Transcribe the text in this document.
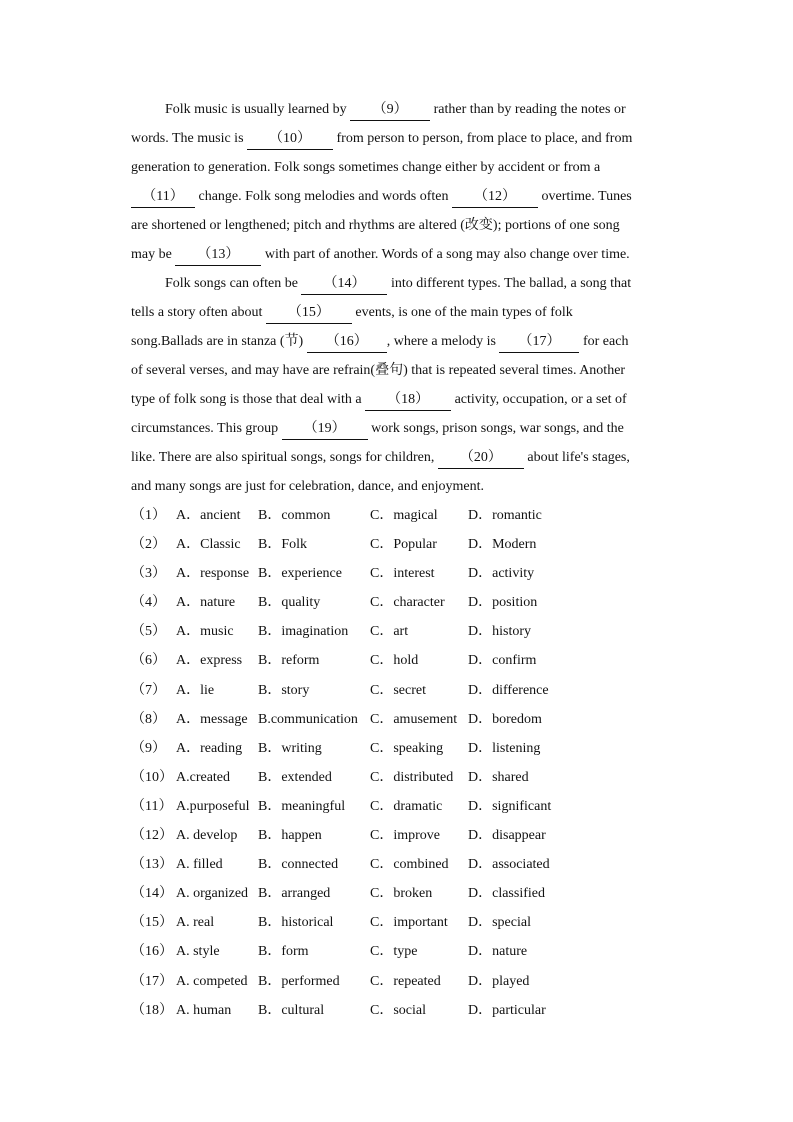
Folk music is usually learned by （9） rather than by reading the notes or
words. The music is （10） from person to person, from place to place, and from
generation to generation. Folk songs sometimes change either by accident or from a
（11） change. Folk song melodies and words often （12） overtime. Tunes
are shortened or lengthened; pitch and rhythms are altered (改变); portions of one song
may be （13） with part of another. Words of a song may also change over time.
Folk songs can often be （14） into different types. The ballad, a song that
tells a story often about （15） events, is one of the main types of folk
song.Ballads are in stanza (节) （16） , where a melody is （17） for each
of several verses, and may have are refrain(叠句) that is repeated several times. Another
type of folk song is those that deal with a （18） activity, occupation, or a set of
circumstances. This group （19） work songs, prison songs, war songs, and the
like. There are also spiritual songs, songs for children, （20） about life's stages,
and many songs are just for celebration, dance, and enjoyment.
（1） A．ancient B．common	C．magical D．romantic
（2） A．Classic B．Folk	C．Popular D．Modern
（3） A．response B．experience C．interest D．activity
（4） A．nature B．quality	C．character D．position
（5） A．music B．imagination C．art	D．history
（6） A．express B．reform	C．hold	D．confirm
（7） A．lie	B．story	C．secret	D．difference
（8） A．message B.communication C．amusement D．boredom
（9） A．reading B．writing	C．speaking D．listening
（10） A.created B．extended	C．distributed D．shared
（11） A.purposeful B．meaningful C．dramatic D．significant
（12） A. develop B．happen	C．improve D．disappear
（13） A. filled	B．connected C．combined D．associated
（14） A. organized B．arranged	C．broken	D．classified
（15） A. real	B．historical	C．important D．special
（16） A. style	B．form	C．type	D．nature
（17） A. competed B．performed C．repeated D．played
（18） A. human B．cultural	C．social	D．particular
